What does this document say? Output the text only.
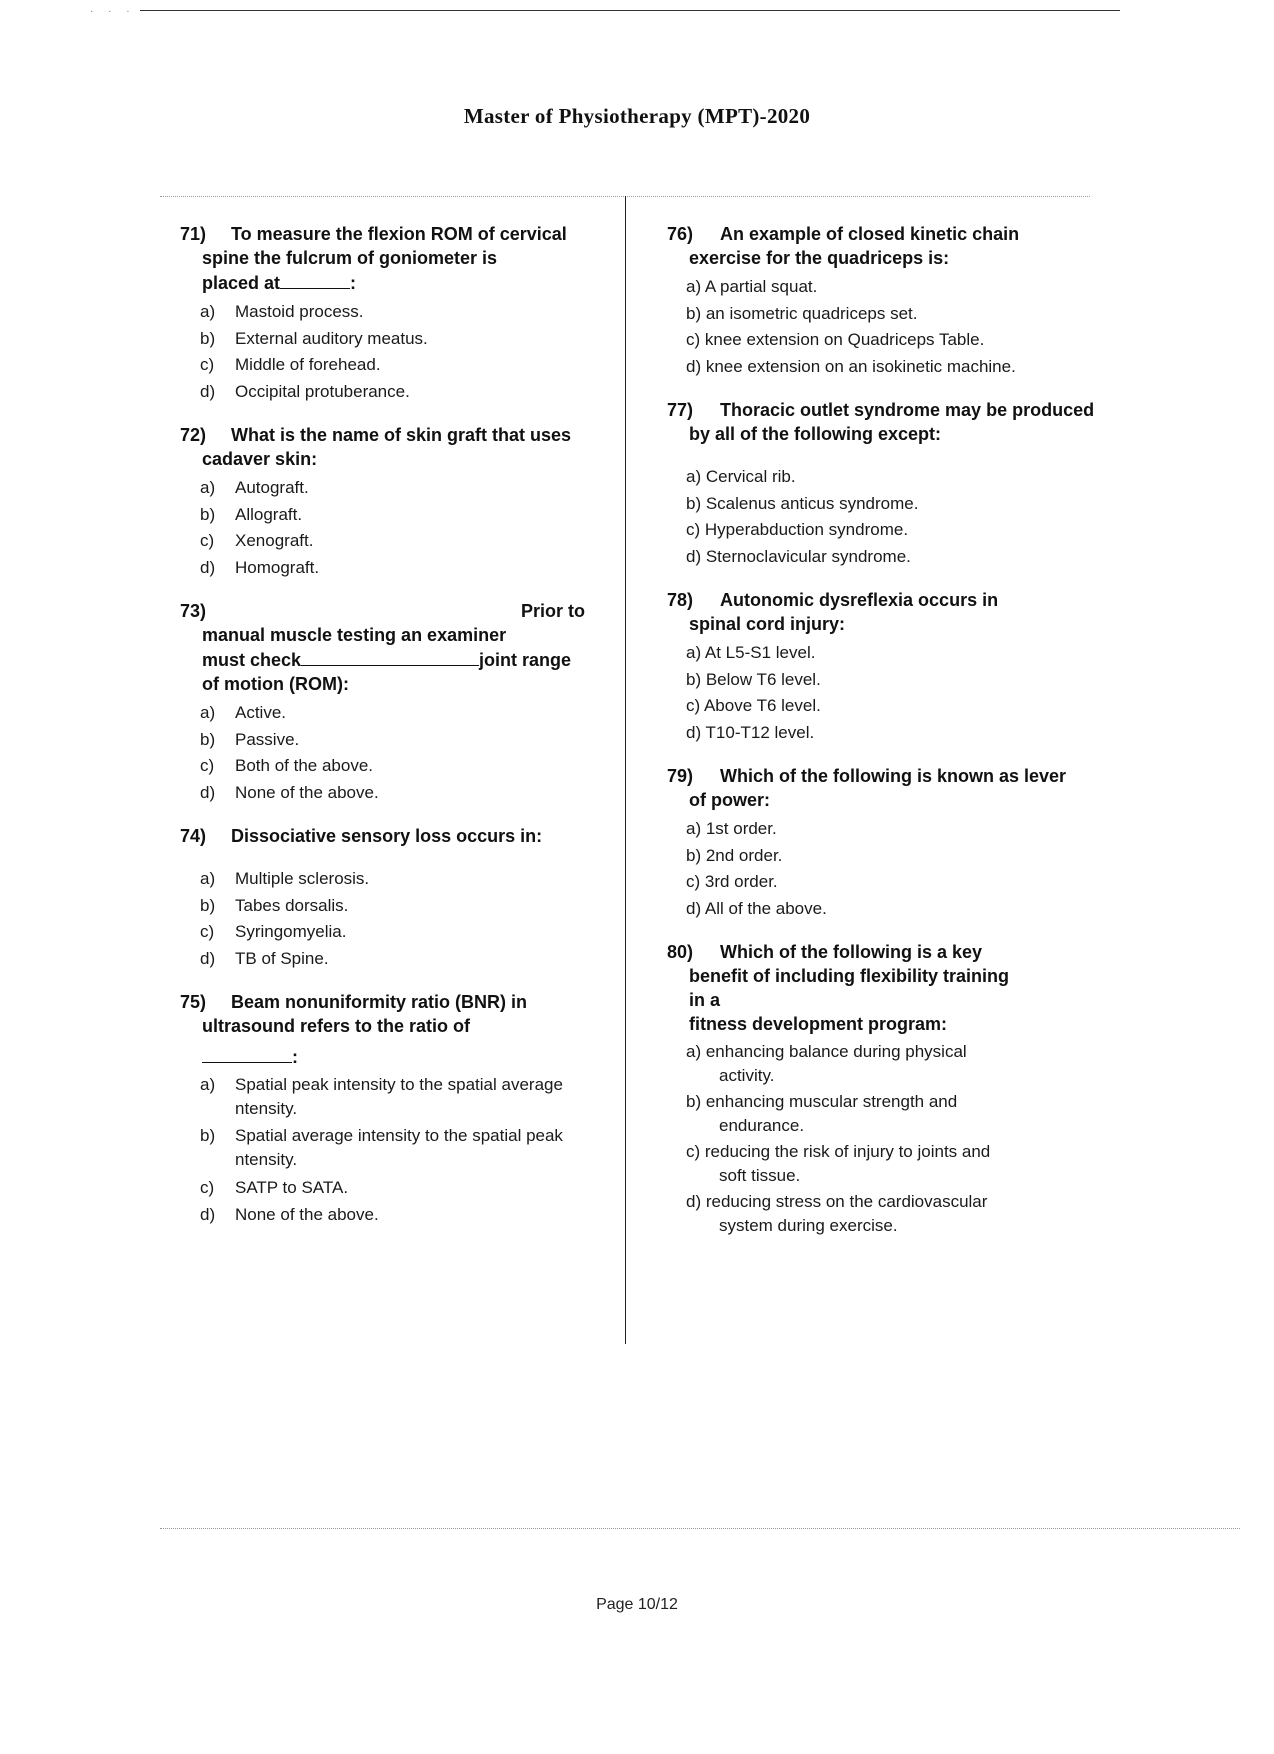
· · ·
Master of Physiotherapy (MPT)-2020
71) To measure the flexion ROM of cervical spine the fulcrum of goniometer is
placed at	:
a) Mastoid process.
b) External auditory meatus.
c) Middle of forehead.
d) Occipital protuberance.
72) What is the name of skin graft that uses cadaver skin:
a) Autograft.
b) Allograft.
c) Xenograft.
d) Homograft.
73)	Prior to
manual muscle testing an examiner
must check	joint range
of motion (ROM):
a) Active.
b) Passive.
c) Both of the above.
d) None of the above.
74) Dissociative sensory loss occurs in:
a) Multiple sclerosis.
b) Tabes dorsalis.
c) Syringomyelia.
d) TB of Spine.
75) Beam nonuniformity ratio (BNR) in ultrasound refers to the ratio of
:
a) Spatial peak intensity to the spatial average ntensity.
b) Spatial average intensity to the spatial peak ntensity.
c) SATP to SATA.
d) None of the above.
76) An example of closed kinetic chain exercise for the quadriceps is:
a) A partial squat.
b) an isometric quadriceps set.
c) knee extension on Quadriceps Table.
d) knee extension on an isokinetic machine.
77) Thoracic outlet syndrome may be produced by all of the following except:
a) Cervical rib.
b) Scalenus anticus syndrome.
c) Hyperabduction syndrome.
d) Sternoclavicular syndrome.
78) Autonomic dysreflexia occurs in spinal cord injury:
a) At L5-S1 level.
b) Below T6 level.
c) Above T6 level.
d) T10-T12 level.
79) Which of the following is known as lever of power:
a) 1st order.
b) 2nd order.
c) 3rd order.
d) All of the above.
80) Which of the following is a key benefit of including flexibility training in a
fitness development program:
a) enhancing balance during physical activity.
b) enhancing muscular strength and endurance.
c) reducing the risk of injury to joints and soft tissue.
d) reducing stress on the cardiovascular system during exercise.
Page 10/12
